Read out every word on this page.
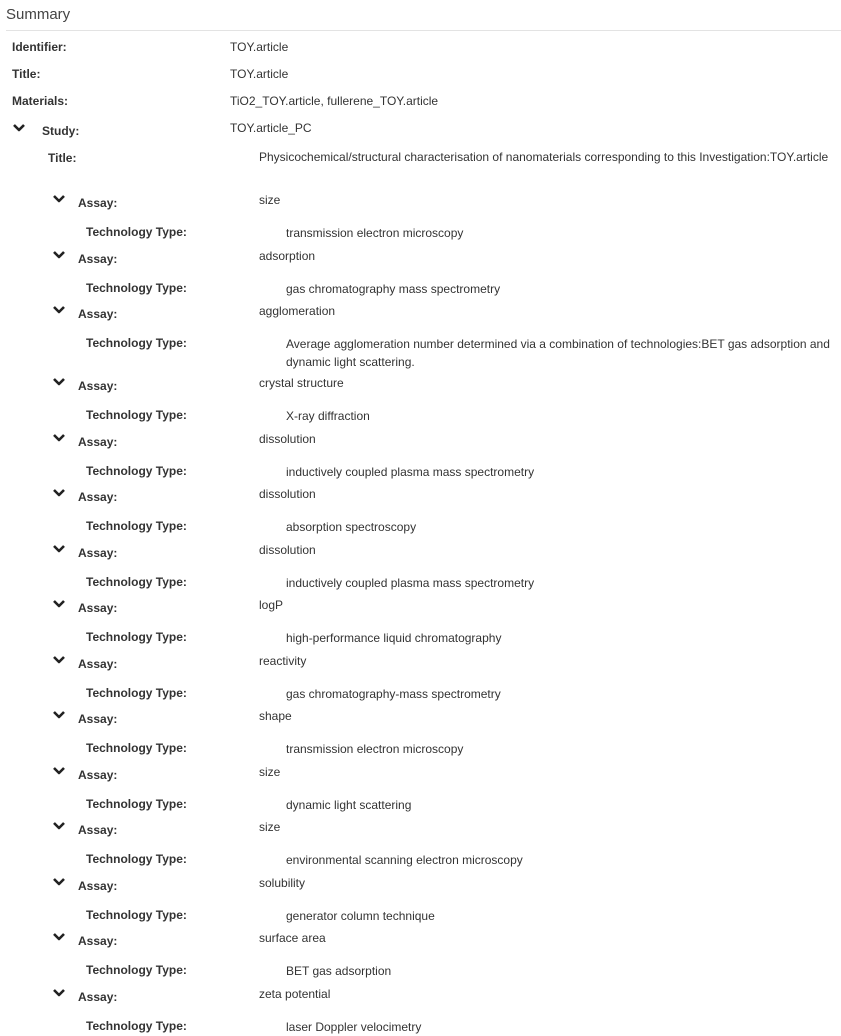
Summary
Identifier:	TOY.article
Title:	TOY.article
Materials:	TiO2_TOY.article, fullerene_TOY.article
Study:	TOY.article_PC
Title:	Physicochemical/structural characterisation of nanomaterials corresponding to this Investigation:TOY.article
Assay:	size
Technology Type:	transmission electron microscopy
Assay:	adsorption
Technology Type:	gas chromatography mass spectrometry
Assay:	agglomeration
Technology Type:	Average agglomeration number determined via a combination of technologies:BET gas adsorption and dynamic light scattering.
Assay:	crystal structure
Technology Type:	X-ray diffraction
Assay:	dissolution
Technology Type:	inductively coupled plasma mass spectrometry
Assay:	dissolution
Technology Type:	absorption spectroscopy
Assay:	dissolution
Technology Type:	inductively coupled plasma mass spectrometry
Assay:	logP
Technology Type:	high-performance liquid chromatography
Assay:	reactivity
Technology Type:	gas chromatography-mass spectrometry
Assay:	shape
Technology Type:	transmission electron microscopy
Assay:	size
Technology Type:	dynamic light scattering
Assay:	size
Technology Type:	environmental scanning electron microscopy
Assay:	solubility
Technology Type:	generator column technique
Assay:	surface area
Technology Type:	BET gas adsorption
Assay:	zeta potential
Technology Type:	laser Doppler velocimetry
